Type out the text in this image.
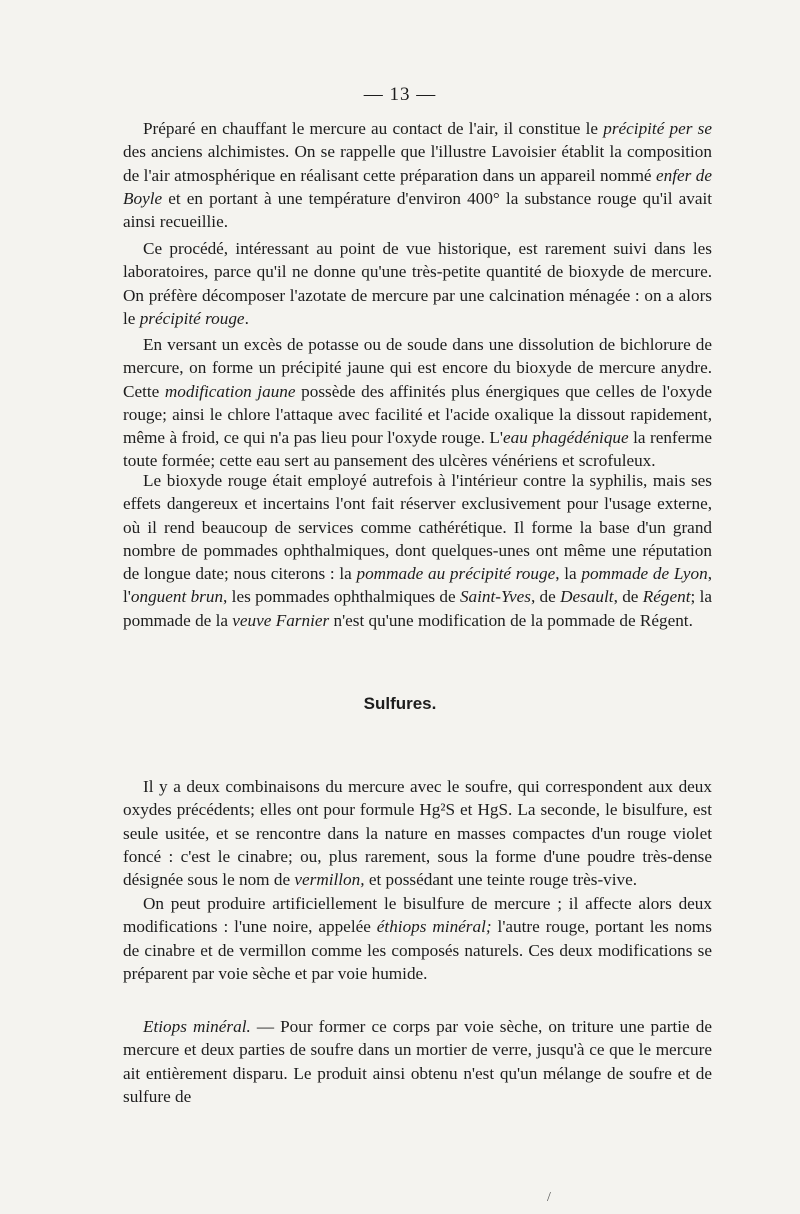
— 13 —

Préparé en chauffant le mercure au contact de l'air, il constitue le précipité per se des anciens alchimistes. On se rappelle que l'illustre Lavoisier établit la composition de l'air atmosphérique en réalisant cette préparation dans un appareil nommé enfer de Boyle et en portant à une température d'environ 400° la substance rouge qu'il avait ainsi recueillie.

Ce procédé, intéressant au point de vue historique, est rarement suivi dans les laboratoires, parce qu'il ne donne qu'une très-petite quantité de bioxyde de mercure. On préfère décomposer l'azotate de mercure par une calcination ménagée : on a alors le précipité rouge.

En versant un excès de potasse ou de soude dans une dissolution de bichlorure de mercure, on forme un précipité jaune qui est encore du bioxyde de mercure anydre. Cette modification jaune possède des affinités plus énergiques que celles de l'oxyde rouge; ainsi le chlore l'attaque avec facilité et l'acide oxalique la dissout rapidement, même à froid, ce qui n'a pas lieu pour l'oxyde rouge. L'eau phagédénique la renferme toute formée; cette eau sert au pansement des ulcères vénériens et scrofuleux.

Le bioxyde rouge était employé autrefois à l'intérieur contre la syphilis, mais ses effets dangereux et incertains l'ont fait réserver exclusivement pour l'usage externe, où il rend beaucoup de services comme cathérétique. Il forme la base d'un grand nombre de pommades ophthalmiques, dont quelques-unes ont même une réputation de longue date; nous citerons : la pommade au précipité rouge, la pommade de Lyon, l'onguent brun, les pommades ophthalmiques de Saint-Yves, de Desault, de Régent; la pommade de la veuve Farnier n'est qu'une modification de la pommade de Régent.

Sulfures.

Il y a deux combinaisons du mercure avec le soufre, qui correspondent aux deux oxydes précédents; elles ont pour formule Hg²S et HgS. La seconde, le bisulfure, est seule usitée, et se rencontre dans la nature en masses compactes d'un rouge violet foncé : c'est le cinabre; ou, plus rarement, sous la forme d'une poudre très-dense désignée sous le nom de vermillon, et possédant une teinte rouge très-vive.

On peut produire artificiellement le bisulfure de mercure ; il affecte alors deux modifications : l'une noire, appelée éthiops minéral; l'autre rouge, portant les noms de cinabre et de vermillon comme les composés naturels. Ces deux modifications se préparent par voie sèche et par voie humide.

Etiops minéral. — Pour former ce corps par voie sèche, on triture une partie de mercure et deux parties de soufre dans un mortier de verre, jusqu'à ce que le mercure ait entièrement disparu. Le produit ainsi obtenu n'est qu'un mélange de soufre et de sulfure de

/
